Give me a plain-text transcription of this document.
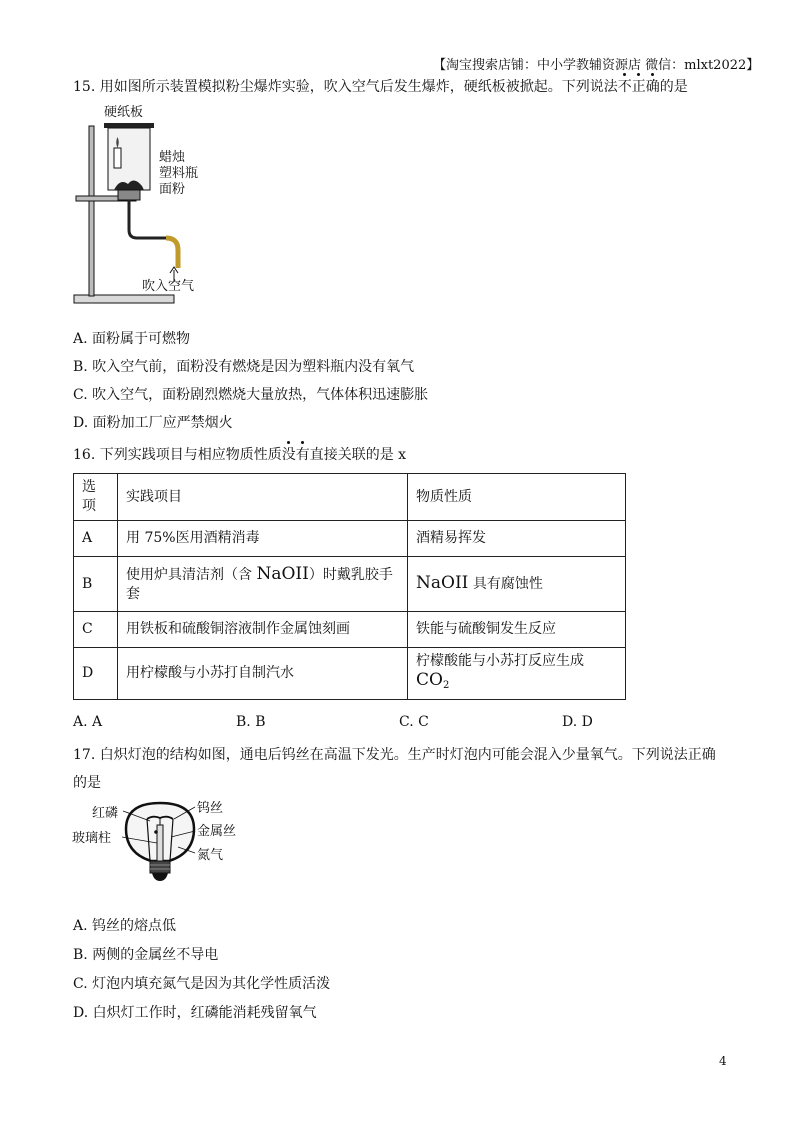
【淘宝搜索店铺：中小学教辅资源店 微信：mlxt2022】
15. 用如图所示装置模拟粉尘爆炸实验，吹入空气后发生爆炸，硬纸板被掀起。下列说法不正确的是
硬纸板
蜡烛
塑料瓶
面粉
吹入空气
A. 面粉属于可燃物
B. 吹入空气前，面粉没有燃烧是因为塑料瓶内没有氧气
C. 吹入空气，面粉剧烈燃烧大量放热，气体体积迅速膨胀
D. 面粉加工厂应严禁烟火
16. 下列实践项目与相应物质性质没有直接关联的是 x
选项	实践项目	物质性质
A	用 75%医用酒精消毒	酒精易挥发
B	使用炉具清洁剂（含 NaOII）时戴乳胶手套	NaOII 具有腐蚀性
C	用铁板和硫酸铜溶液制作金属蚀刻画	铁能与硫酸铜发生反应
D	用柠檬酸与小苏打自制汽水	柠檬酸能与小苏打反应生成$CO_2$
A. A	B. B	C. C	D. D
17. 白炽灯泡的结构如图，通电后钨丝在高温下发光。生产时灯泡内可能会混入少量氧气。下列说法正确
的是
红磷
玻璃柱
钨丝
金属丝
氮气
A. 钨丝的熔点低
B. 两侧的金属丝不导电
C. 灯泡内填充氮气是因为其化学性质活泼
D. 白炽灯工作时，红磷能消耗残留氧气
4
